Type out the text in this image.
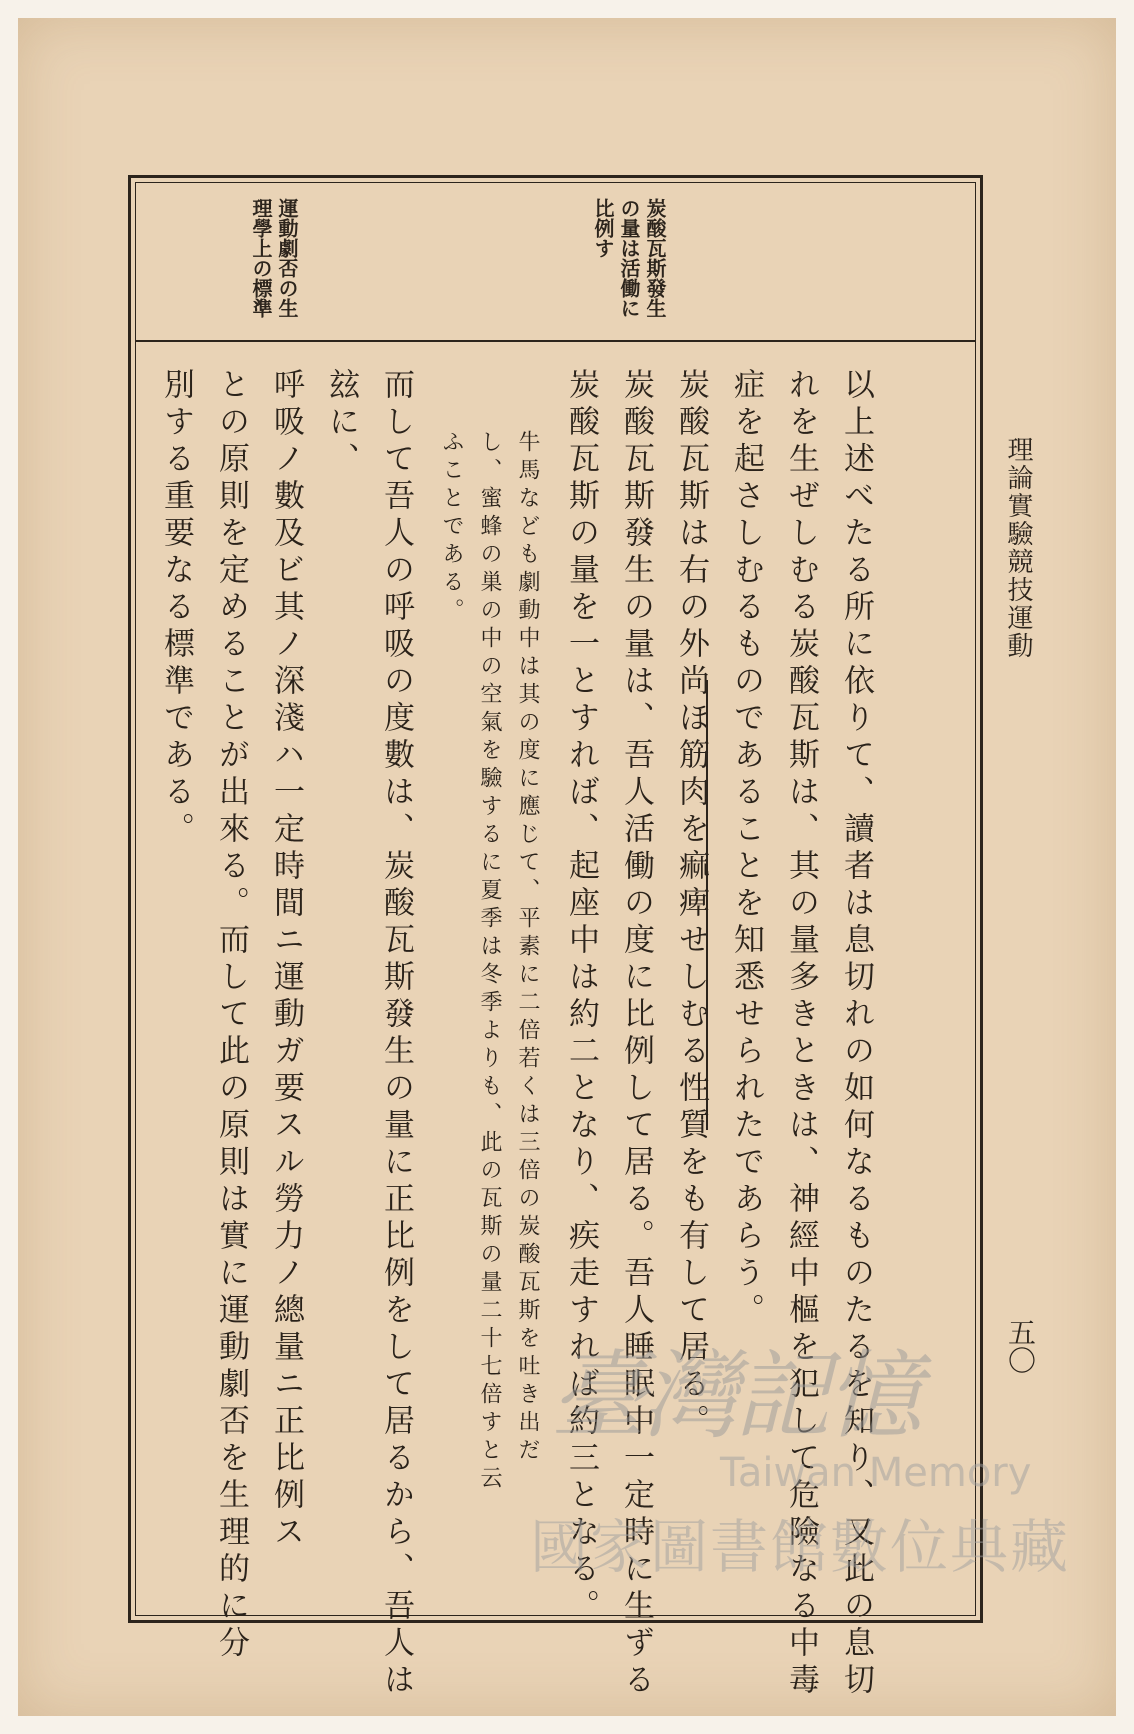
理論實驗競技運動
五〇
炭酸瓦斯發生
の量は活働に
比例す
運動劇否の生
理學上の標準
以上述べたる所に依りて、讀者は息切れの如何なるものたるを知り、又此の息切
れを生ぜしむる炭酸瓦斯は、其の量多きときは、神經中樞を犯して危險なる中毒
症を起さしむるものであることを知悉せられたであらう。
炭酸瓦斯は右の外尚ほ筋肉を痲痺せしむる性質をも有して居る。
炭酸瓦斯發生の量は、吾人活働の度に比例して居る。吾人睡眠中一定時に生ずる
炭酸瓦斯の量を一とすれば、起座中は約二となり、疾走すれば約三となる。
牛馬なども劇動中は其の度に應じて、平素に二倍若くは三倍の炭酸瓦斯を吐き出だ
し、蜜蜂の巣の中の空氣を驗するに夏季は冬季よりも、此の瓦斯の量二十七倍すと云
ふことである。
而して吾人の呼吸の度數は、炭酸瓦斯發生の量に正比例をして居るから、吾人は
玆に、
呼吸ノ數及ビ其ノ深淺ハ一定時間ニ運動ガ要スル勞力ノ總量ニ正比例ス
との原則を定めることが出來る。而して此の原則は實に運動劇否を生理的に分
別する重要なる標準である。
臺灣記憶
Taiwan Memory
國家圖書館數位典藏
